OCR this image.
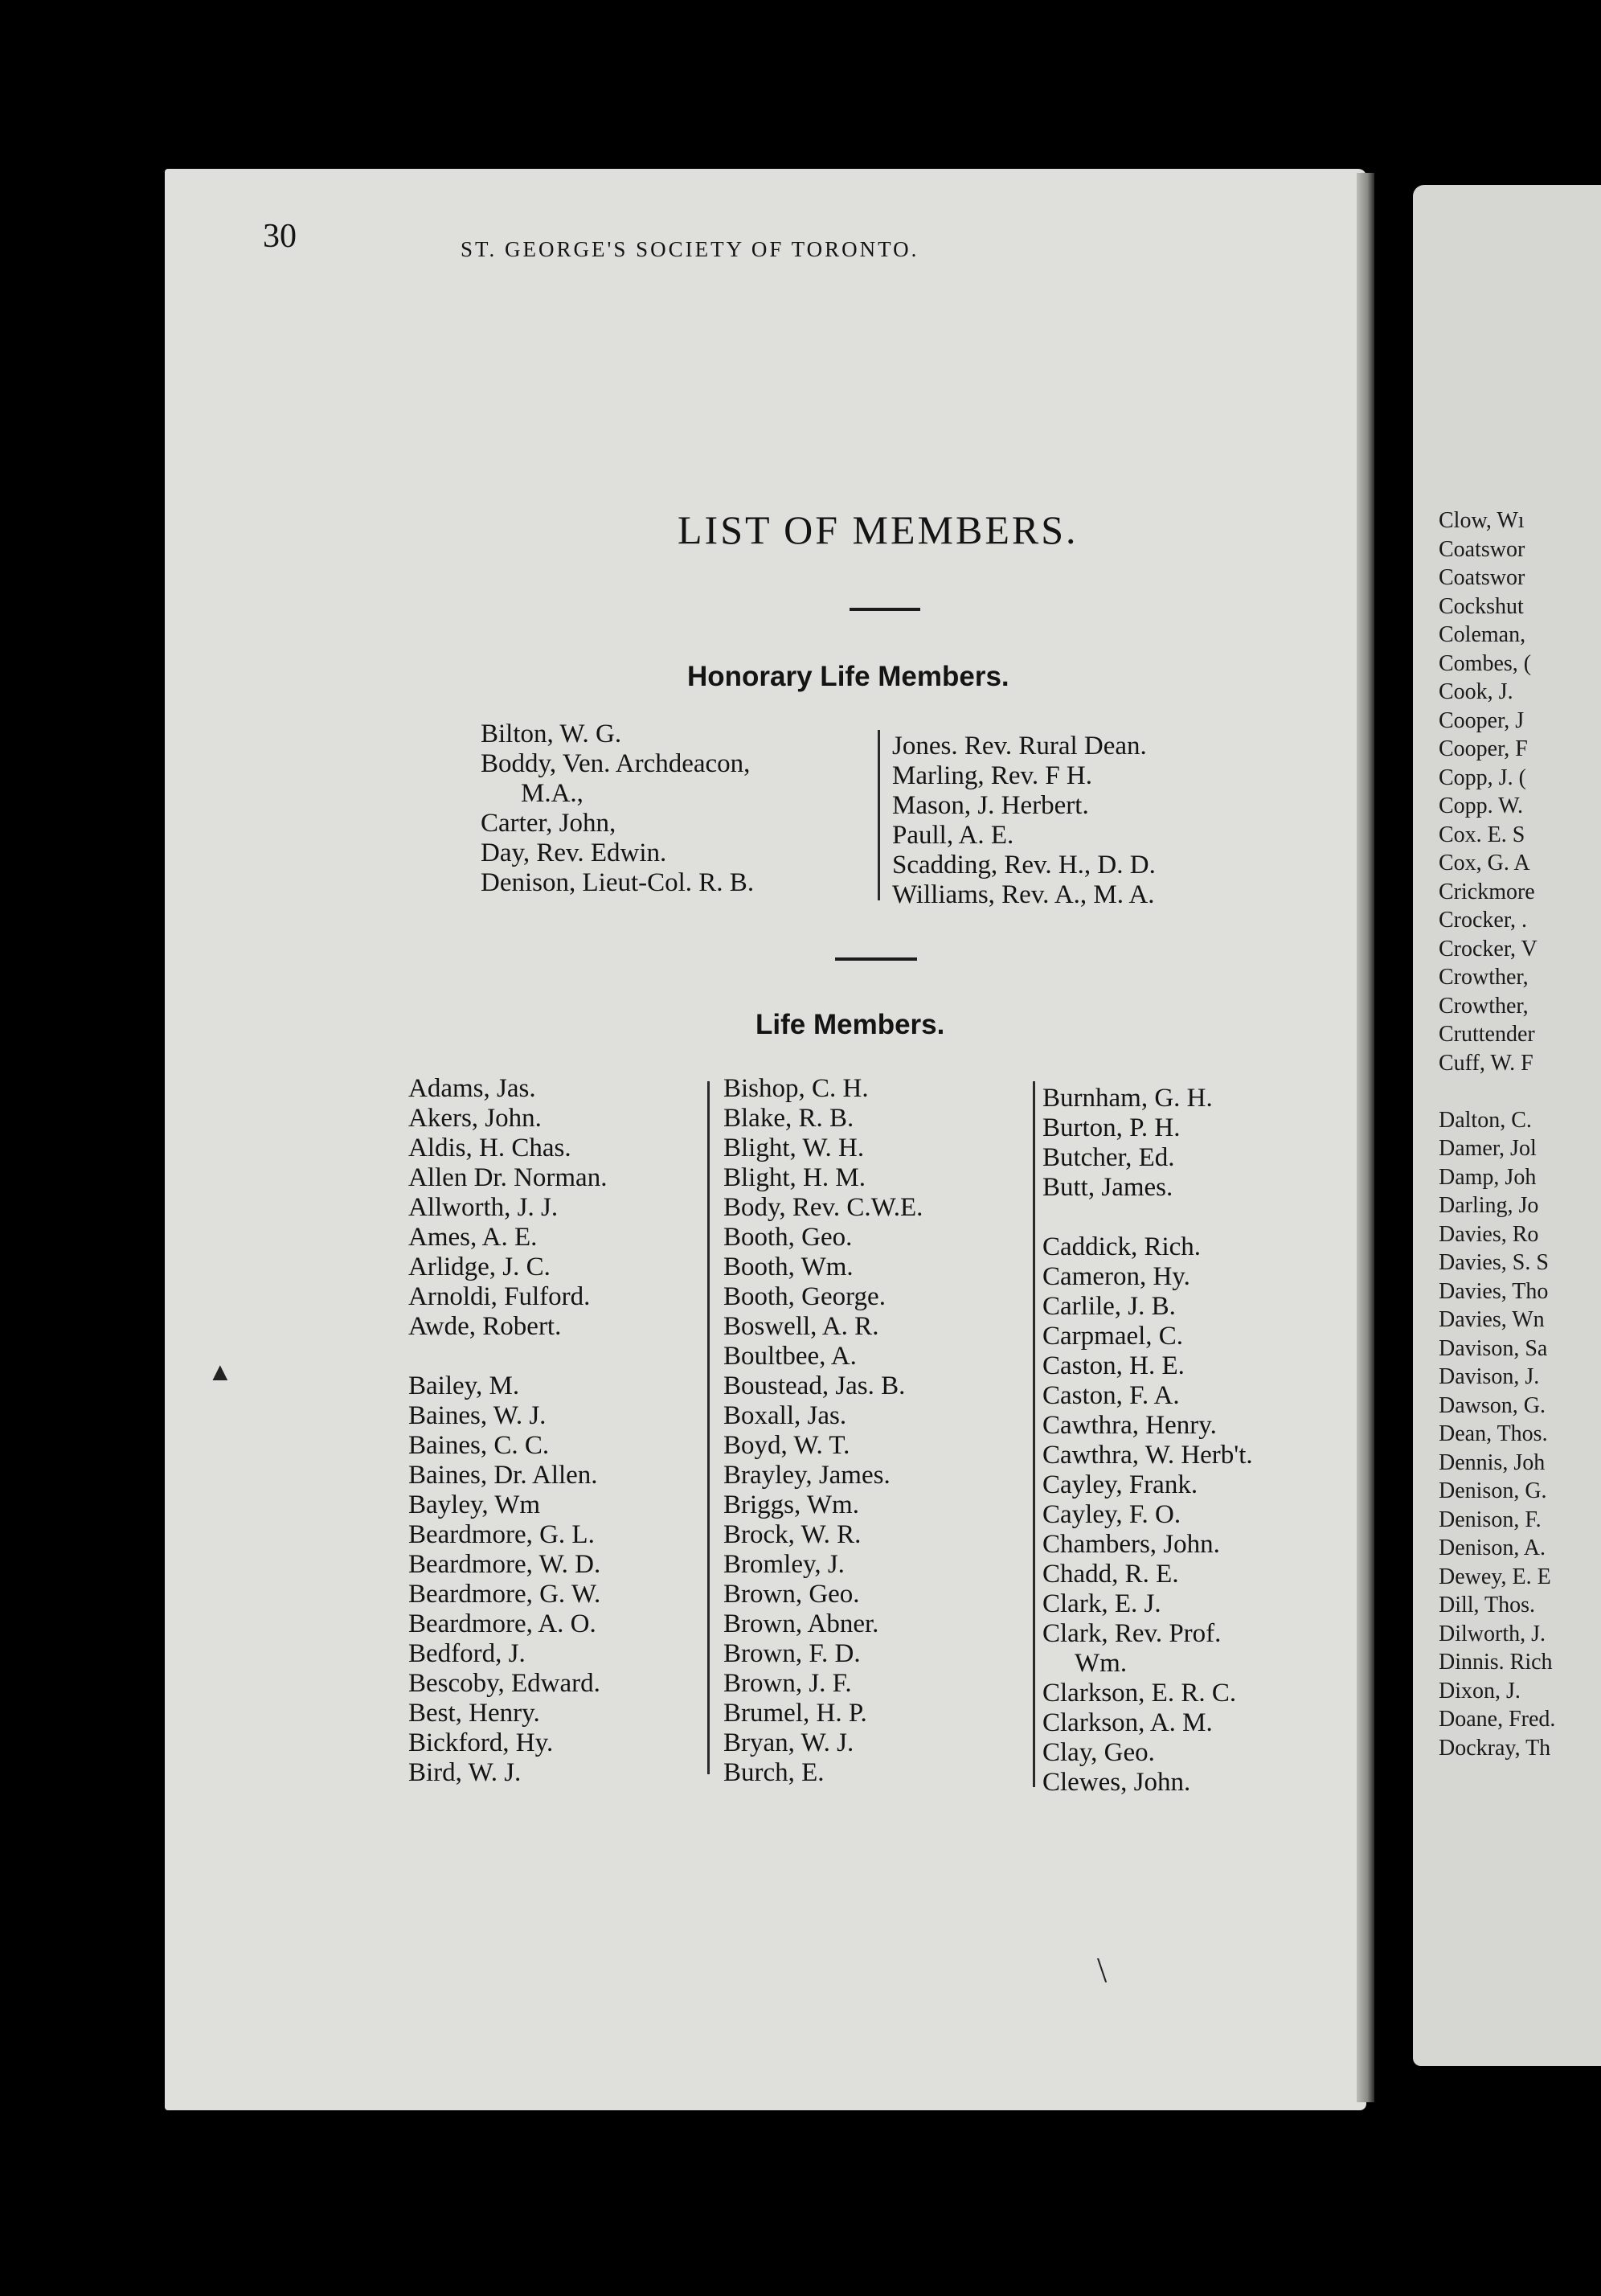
30	ST. GEORGE'S SOCIETY OF TORONTO.
LIST OF MEMBERS.
Honorary Life Members.
Bilton, W. G.
Boddy, Ven. Archdeacon,
M.A.,
Carter, John,
Day, Rev. Edwin.
Denison, Lieut-Col. R. B.
Jones. Rev. Rural Dean.
Marling, Rev. F H.
Mason, J. Herbert.
Paull, A. E.
Scadding, Rev. H., D. D.
Williams, Rev. A., M. A.
Life Members.
Adams, Jas.
Akers, John.
Aldis, H. Chas.
Allen Dr. Norman.
Allworth, J. J.
Ames, A. E.
Arlidge, J. C.
Arnoldi, Fulford.
Awde, Robert.
Bailey, M.
Baines, W. J.
Baines, C. C.
Baines, Dr. Allen.
Bayley, Wm
Beardmore, G. L.
Beardmore, W. D.
Beardmore, G. W.
Beardmore, A. O.
Bedford, J.
Bescoby, Edward.
Best, Henry.
Bickford, Hy.
Bird, W. J.
Bishop, C. H.
Blake, R. B.
Blight, W. H.
Blight, H. M.
Body, Rev. C.W.E.
Booth, Geo.
Booth, Wm.
Booth, George.
Boswell, A. R.
Boultbee, A.
Boustead, Jas. B.
Boxall, Jas.
Boyd, W. T.
Brayley, James.
Briggs, Wm.
Brock, W. R.
Bromley, J.
Brown, Geo.
Brown, Abner.
Brown, F. D.
Brown, J. F.
Brumel, H. P.
Bryan, W. J.
Burch, E.
Burnham, G. H.
Burton, P. H.
Butcher, Ed.
Butt, James.
Caddick, Rich.
Cameron, Hy.
Carlile, J. B.
Carpmael, C.
Caston, H. E.
Caston, F. A.
Cawthra, Henry.
Cawthra, W. Herb't.
Cayley, Frank.
Cayley, F. O.
Chambers, John.
Chadd, R. E.
Clark, E. J.
Clark, Rev. Prof.
Wm.
Clarkson, E. R. C.
Clarkson, A. M.
Clay, Geo.
Clewes, John.
Clow, Wı
Coatswor
Coatswor
Cockshut
Coleman,
Combes, (
Cook, J.
Cooper, J
Cooper, F
Copp, J. (
Copp. W.
Cox. E. S
Cox, G. A
Crickmore
Crocker, .
Crocker, V
Crowther,
Crowther,
Cruttender
Cuff, W. F
Dalton, C.
Damer, Jol
Damp, Joh
Darling, Jo
Davies, Ro
Davies, S. S
Davies, Tho
Davies, Wn
Davison, Sa
Davison, J.
Dawson, G.
Dean, Thos.
Dennis, Joh
Denison, G.
Denison, F.
Denison, A.
Dewey, E. E
Dill, Thos.
Dilworth, J.
Dinnis. Rich
Dixon, J.
Doane, Fred.
Dockray, Th
▲
\
